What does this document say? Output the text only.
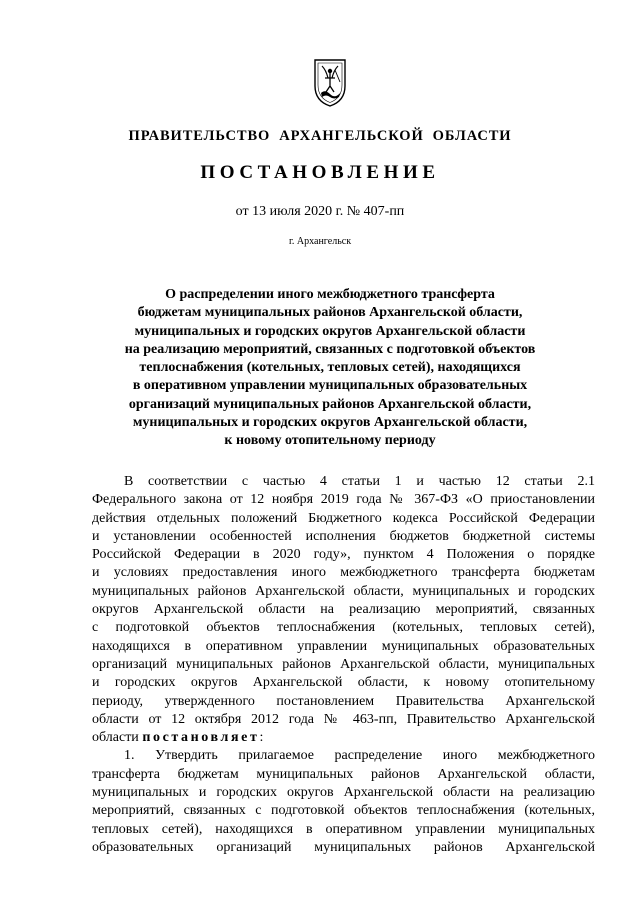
ПРАВИТЕЛЬСТВО  АРХАНГЕЛЬСКОЙ  ОБЛАСТИ
ПОСТАНОВЛЕНИЕ
от 13 июля 2020 г. № 407-пп
г. Архангельск
О распределении иного межбюджетного трансферта
бюджетам муниципальных районов Архангельской области,
муниципальных и городских округов Архангельской области
на реализацию мероприятий, связанных с подготовкой объектов
теплоснабжения (котельных, тепловых сетей), находящихся
в оперативном управлении муниципальных образовательных
организаций муниципальных районов Архангельской области,
муниципальных и городских округов Архангельской области,
к новому отопительному периоду
В соответствии с частью 4 статьи 1 и частью 12 статьи 2.1
Федерального закона от 12 ноября 2019 года № 367-ФЗ «О приостановлении
действия отдельных положений Бюджетного кодекса Российской Федерации
и установлении особенностей исполнения бюджетов бюджетной системы
Российской Федерации в 2020 году», пунктом 4 Положения о порядке
и условиях предоставления иного межбюджетного трансферта бюджетам
муниципальных районов Архангельской области, муниципальных и городских
округов Архангельской области на реализацию мероприятий, связанных
с подготовкой объектов теплоснабжения (котельных, тепловых сетей),
находящихся в оперативном управлении муниципальных образовательных
организаций муниципальных районов Архангельской области, муниципальных
и городских округов Архангельской области, к новому отопительному
периоду, утвержденного постановлением Правительства Архангельской
области от 12 октября 2012 года № 463-пп, Правительство Архангельской
области постановляет:
1. Утвердить прилагаемое распределение иного межбюджетного
трансферта бюджетам муниципальных районов Архангельской области,
муниципальных и городских округов Архангельской области на реализацию
мероприятий, связанных с подготовкой объектов теплоснабжения (котельных,
тепловых сетей), находящихся в оперативном управлении муниципальных
образовательных организаций муниципальных районов Архангельской
